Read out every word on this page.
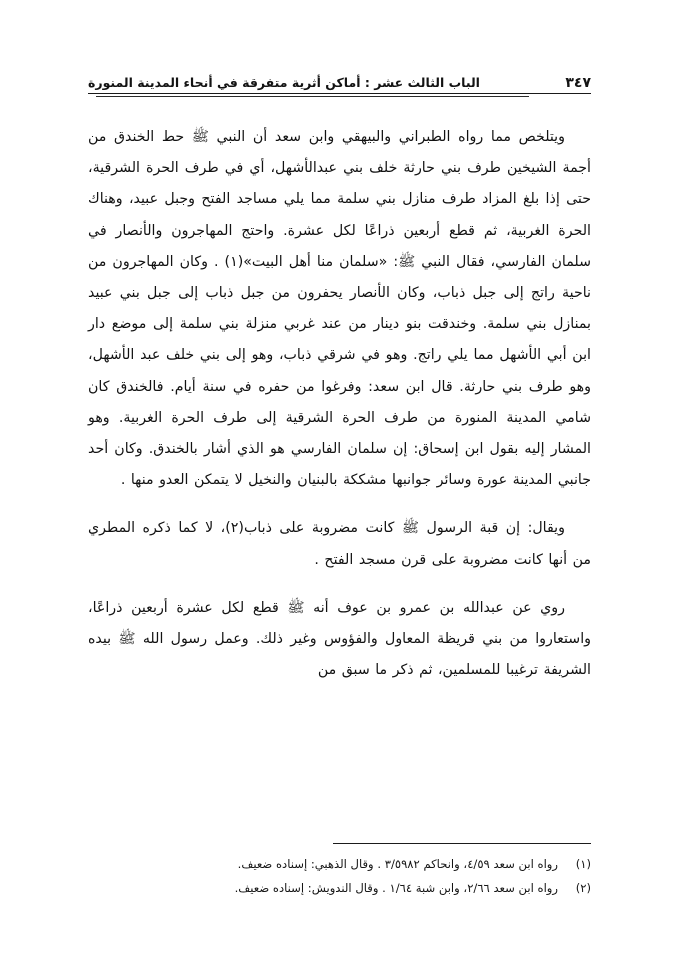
الباب الثالث عشر : أماكن أثرية متفرقة في أنحاء المدينة المنورة	٣٤٧

ويتلخص مما رواه الطبراني والبيهقي وابن سعد أن النبي ﷺ حط الخندق من أجمة الشيخين طرف بني حارثة خلف بني عبدالأشهل، أي في طرف الحرة الشرقية، حتى إذا بلغ المزاد طرف منازل بني سلمة مما يلي مساجد الفتح وجبل عبيد، وهناك الحرة الغربية، ثم قطع أربعين ذراعًا لكل عشرة. واحتج المهاجرون والأنصار في سلمان الفارسي، فقال النبي ﷺ: «سلمان منا أهل البيت»(١) . وكان المهاجرون من ناحية راتج إلى جبل ذباب، وكان الأنصار يحفرون من جبل ذباب إلى جبل بني عبيد بمنازل بني سلمة. وخندقت بنو دينار من عند غربي منزلة بني سلمة إلى موضع دار ابن أبي الأشهل مما يلي راتج. وهو في شرقي ذباب، وهو إلى بني خلف عبد الأشهل، وهو طرف بني حارثة. قال ابن سعد: وفرغوا من حفره في سنة أيام. فالخندق كان شامي المدينة المنورة من طرف الحرة الشرقية إلى طرف الحرة الغربية. وهو المشار إليه بقول ابن إسحاق: إن سلمان الفارسي هو الذي أشار بالخندق. وكان أحد جانبي المدينة عورة وسائر جوانبها مشككة بالبنيان والنخيل لا يتمكن العدو منها .

ويقال: إن قبة الرسول ﷺ كانت مضروبة على ذباب(٢)، لا كما ذكره المطري من أنها كانت مضروبة على قرن مسجد الفتح .

روي عن عبدالله بن عمرو بن عوف أنه ﷺ قطع لكل عشرة أربعين ذراعًا، واستعاروا من بني قريظة المعاول والفؤوس وغير ذلك. وعمل رسول الله ﷺ بيده الشريفة ترغيبا للمسلمين، ثم ذكر ما سبق من

(١)رواه ابن سعد ٤/٥٩، وانحاكم ٣/٥٩٨٢ . وقال الذهبي: إسناده ضعيف.
(٢)رواه ابن سعد ٢/٦٦، وابن شبة ١/٦٤ . وقال الندويش: إسناده ضعيف.
